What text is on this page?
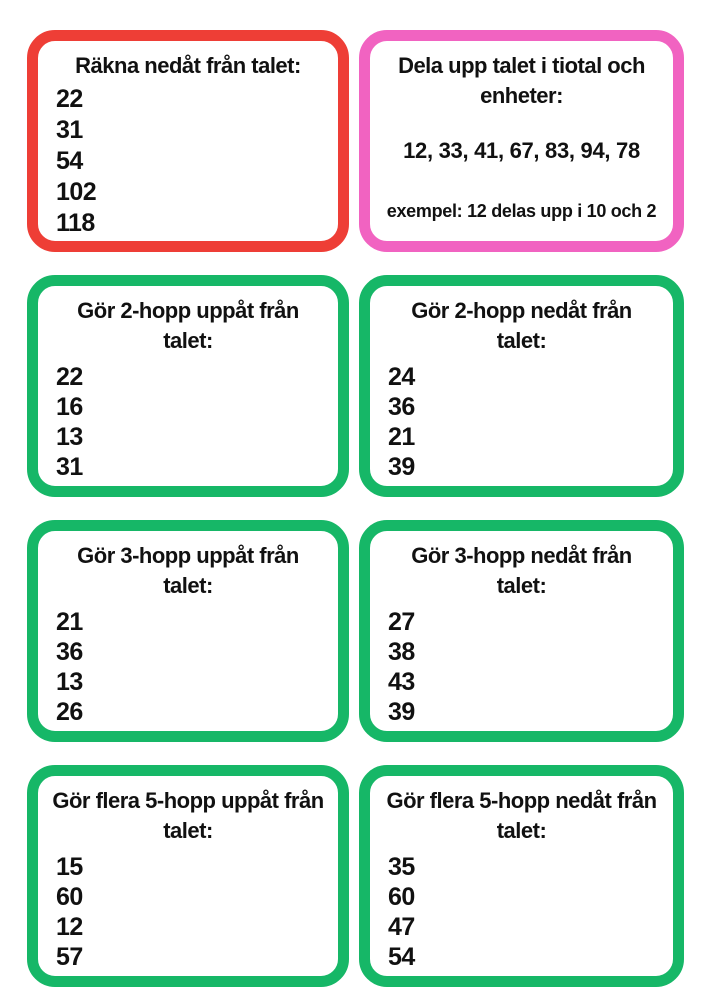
Räkna nedåt från talet:
22
31
54
102
118
Dela upp talet i tiotal och
enheter:

12, 33, 41, 67, 83, 94, 78

exempel: 12 delas upp i 10 och 2

Gör 2-hopp uppåt från
talet:
22
16
13
31
Gör 2-hopp nedåt från
talet:
24
36
21
39
Gör 3-hopp uppåt från
talet:
21
36
13
26
Gör 3-hopp nedåt från
talet:
27
38
43
39
Gör flera 5-hopp uppåt från
talet:
15
60
12
57
Gör flera 5-hopp nedåt från
talet:
35
60
47
54
